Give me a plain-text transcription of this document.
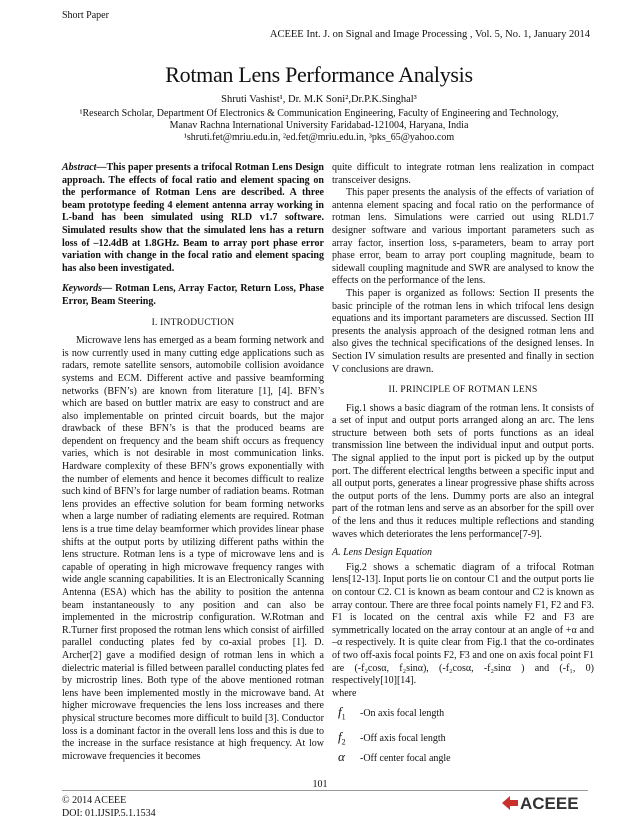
Short Paper
ACEEE Int. J. on Signal and Image Processing , Vol. 5, No. 1, January 2014
Rotman Lens Performance Analysis
Shruti Vashist¹, Dr. M.K Soni²,Dr.P.K.Singhal³
¹Research Scholar, Department Of Electronics & Communication Engineering, Faculty of Engineering and Technology,
Manav Rachna International University Faridabad-121004, Haryana, India
¹shruti.fet@mriu.edu.in, ²ed.fet@mriu.edu.in, ³pks_65@yahoo.com

Abstract—This paper presents a trifocal Rotman Lens Design approach. The effects of focal ratio and element spacing on the performance of Rotman Lens are described. A three beam prototype feeding 4 element antenna array working in L-band has been simulated using RLD v1.7 software. Simulated results show that the simulated lens has a return loss of –12.4dB at 1.8GHz. Beam to array port phase error variation with change in the focal ratio and element spacing has also been investigated.

Keywords— Rotman Lens, Array Factor, Return Loss, Phase Error, Beam Steering.

I. INTRODUCTION

Microwave lens has emerged as a beam forming network and is now currently used in many cutting edge applications such as radars, remote satellite sensors, automobile collision avoidance systems and ECM. Different active and passive beamforming networks (BFN’s) are known from literature [1], [4]. BFN’s which are based on buttler matrix are easy to construct and are also implementable on printed circuit boards, but the major drawback of these BFN’s is that the produced beams are dependent on frequency and the beam shift occurs as frequency varies, which is not desirable in most communication links. Hardware complexity of these BFN’s grows exponentially with the number of elements and hence it becomes difficult to realize such kind of BFN’s for large number of radiation beams. Rotman lens provides an effective solution for beam forming networks when a large number of radiating elements are required. Rotman lens is a true time delay beamformer which provides linear phase shifts at the output ports by utilizing different paths within the lens structure. Rotman lens is a type of microwave lens and is capable of operating in high microwave frequency ranges with wide angle scanning capabilities. It is an Electronically Scanning Antenna (ESA) which has the ability to position the antenna beam instantaneously to any position and can also be implemented in the microstrip configuration. W.Rotman and R.Turner first proposed the rotman lens which consist of airfilled parallel conducting plates fed by co-axial probes [1]. D. Archer[2] gave a modified design of rotman lens in which a dielectric material is filled between parallel conducting plates fed by microstrip lines. Both type of the above mentioned rotman lens have been implemented mostly in the microwave band. At higher microwave frequencies the lens loss increases and there physical structure becomes more difficult to build [3]. Conductor loss is a dominant factor in the overall lens loss and this is due to the increase in the surface resistance at high frequency. At low microwave frequencies it becomes

quite difficult to integrate rotman lens realization in compact transceiver designs.

This paper presents the analysis of the effects of variation of antenna element spacing and focal ratio on the performance of rotman lens. Simulations were carried out using RLD1.7 designer software and various important parameters such as array factor, insertion loss, s-parameters, beam to array port phase error, beam to array port coupling magnitude, beam to sidewall coupling magnitude and SWR are analysed to know the effects on the performance of the lens.

This paper is organized as follows: Section II presents the basic principle of the rotman lens in which trifocal lens design equations and its important parameters are discussed. Section III presents the analysis approach of the designed rotman lens and also gives the technical specifications of the designed lenses. In Section IV simulation results are presented and finally in section V conclusions are drawn.

II. PRINCIPLE OF ROTMAN LENS

Fig.1 shows a basic diagram of the rotman lens. It consists of a set of input and output ports arranged along an arc. The lens structure between both sets of ports functions as an ideal transmission line between the individual input and output ports. The signal applied to the input port is picked up by the output port. The different electrical lengths between a specific input and all output ports, generates a linear progressive phase shifts across the output ports of the lens. Dummy ports are also an integral part of the rotman lens and serve as an absorber for the spill over of the lens and thus it reduces multiple reflections and standing waves which deteriorates the lens performance[7-9].

A. Lens Design Equation

Fig.2 shows a schematic diagram of a trifocal Rotman lens[12-13]. Input ports lie on contour C1 and the output ports lie on contour C2. C1 is known as beam contour and C2 is known as array contour. There are three focal points namely F1, F2 and F3. F1 is located on the central axis while F2 and F3 are symmetrically located on the array contour at an angle of +α and –α respectively. It is quite clear from Fig.1 that the co-ordinates of two off-axis focal points F2, F3 and one on axis focal point F1 are (-f₂cosα, f₂sinα), (-f₂cosα, -f₂sinα ) and (-f₁, 0) respectively[10][14].

where

$f_1$	-On axis focal length
$f_2$	-Off axis focal length
α	-Off center focal angle
101
© 2014 ACEEE
DOI: 01.IJSIP.5.1.1534
ACEEE
